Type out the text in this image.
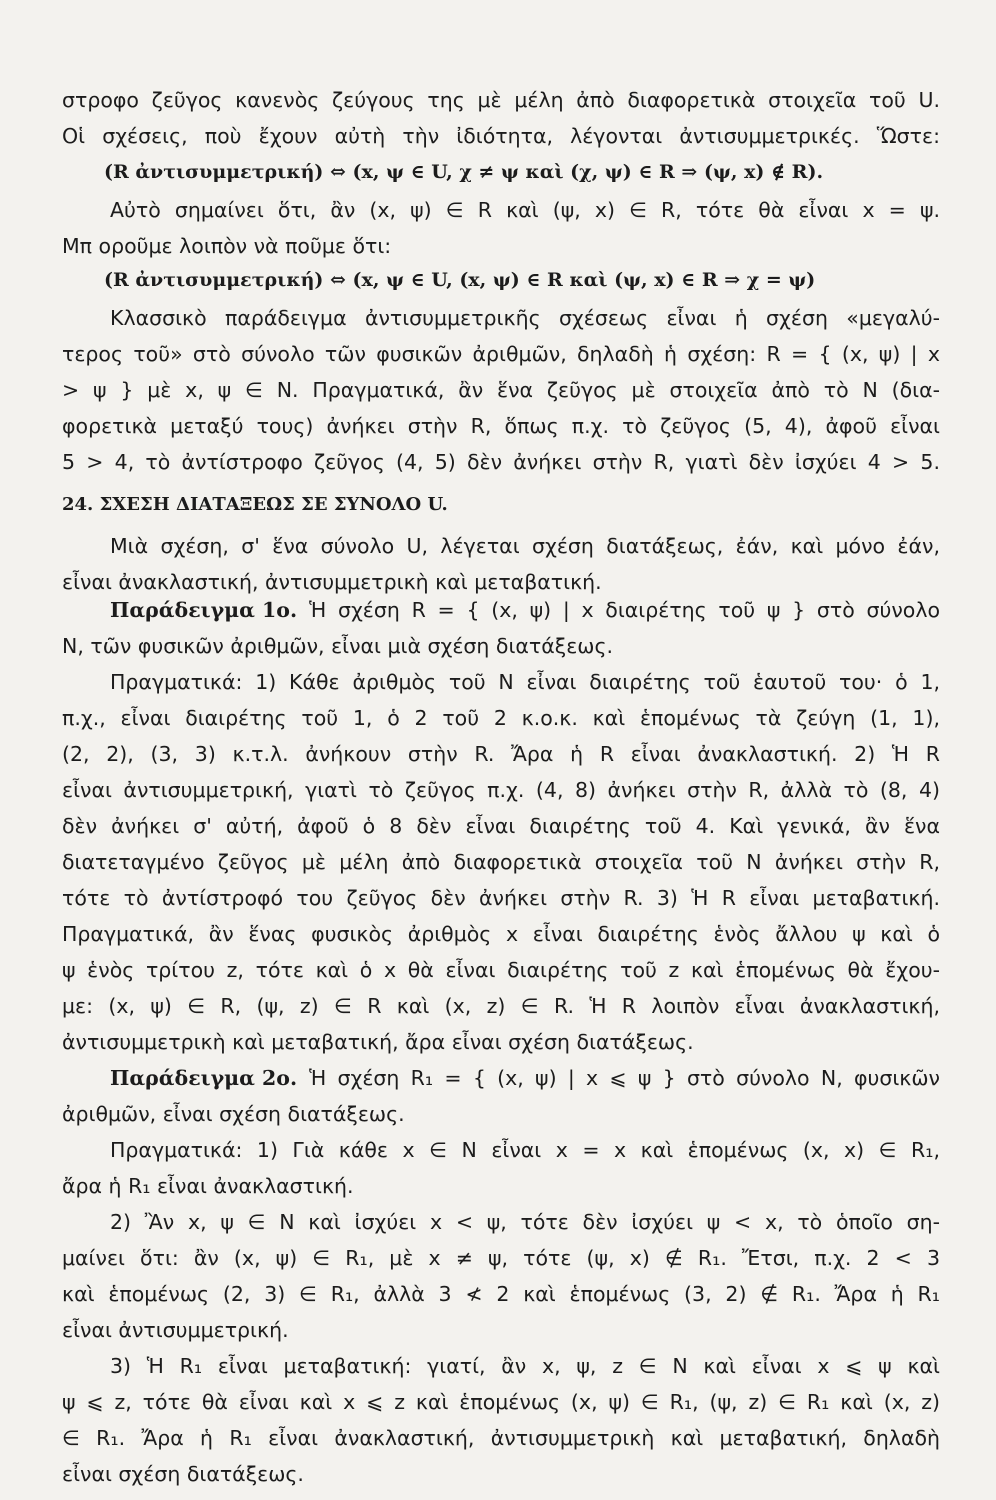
στροφο ζεῦγος κανενὸς ζεύγους της μὲ μέλη ἀπὸ διαφορετικὰ στοιχεῖα τοῦ U.
Οἱ σχέσεις, ποὺ ἔχουν αὐτὴ τὴν ἰδιότητα, λέγονται ἀντισυμμετρικές. Ὥστε:
(R ἀντισυμμετρική) ⇔ (x, ψ ∈ U, χ ≠ ψ καὶ (χ, ψ) ∈ R ⇒ (ψ, x) ∉ R).
Αὐτὸ σημαίνει ὅτι, ἂν (x, ψ) ∈ R καὶ (ψ, x) ∈ R, τότε θὰ εἶναι x = ψ.
Μπ οροῦμε λοιπὸν νὰ ποῦμε ὅτι:
(R ἀντισυμμετρική) ⇔ (x, ψ ∈ U, (x, ψ) ∈ R καὶ (ψ, x) ∈ R ⇒ χ = ψ)
Κλασσικὸ παράδειγμα ἀντισυμμετρικῆς σχέσεως εἶναι ἡ σχέση «μεγαλύ-
τερος τοῦ» στὸ σύνολο τῶν φυσικῶν ἀριθμῶν, δηλαδὴ ἡ σχέση: R = { (x, ψ) | x
> ψ } μὲ x, ψ ∈ N. Πραγματικά, ἂν ἕνα ζεῦγος μὲ στοιχεῖα ἀπὸ τὸ N (δια-
φορετικὰ μεταξύ τους) ἀνήκει στὴν R, ὅπως π.χ. τὸ ζεῦγος (5, 4), ἀφοῦ εἶναι
5 > 4, τὸ ἀντίστροφο ζεῦγος (4, 5) δὲν ἀνήκει στὴν R, γιατὶ δὲν ἰσχύει 4 > 5.
24. ΣΧΕΣΗ ΔΙΑΤΑΞΕΩΣ ΣΕ ΣΥΝΟΛΟ U.
Μιὰ σχέση, σ' ἕνα σύνολο U, λέγεται σχέση διατάξεως, ἐάν, καὶ μόνο ἐάν,
εἶναι ἀνακλαστική, ἀντισυμμετρικὴ καὶ μεταβατική.
Παράδειγμα 1ο. Ἡ σχέση R = { (x, ψ) | x διαιρέτης τοῦ ψ } στὸ σύνολο
N, τῶν φυσικῶν ἀριθμῶν, εἶναι μιὰ σχέση διατάξεως.
Πραγματικά: 1) Κάθε ἀριθμὸς τοῦ N εἶναι διαιρέτης τοῦ ἑαυτοῦ του· ὁ 1,
π.χ., εἶναι διαιρέτης τοῦ 1, ὁ 2 τοῦ 2 κ.ο.κ. καὶ ἑπομένως τὰ ζεύγη (1, 1),
(2, 2), (3, 3) κ.τ.λ. ἀνήκουν στὴν R. Ἄρα ἡ R εἶναι ἀνακλαστική. 2) Ἡ R
εἶναι ἀντισυμμετρική, γιατὶ τὸ ζεῦγος π.χ. (4, 8) ἀνήκει στὴν R, ἀλλὰ τὸ (8, 4)
δὲν ἀνήκει σ' αὐτή, ἀφοῦ ὁ 8 δὲν εἶναι διαιρέτης τοῦ 4. Καὶ γενικά, ἂν ἕνα
διατεταγμένο ζεῦγος μὲ μέλη ἀπὸ διαφορετικὰ στοιχεῖα τοῦ N ἀνήκει στὴν R,
τότε τὸ ἀντίστροφό του ζεῦγος δὲν ἀνήκει στὴν R. 3) Ἡ R εἶναι μεταβατική.
Πραγματικά, ἂν ἕνας φυσικὸς ἀριθμὸς x εἶναι διαιρέτης ἑνὸς ἄλλου ψ καὶ ὁ
ψ ἑνὸς τρίτου z, τότε καὶ ὁ x θὰ εἶναι διαιρέτης τοῦ z καὶ ἑπομένως θὰ ἔχου-
με: (x, ψ) ∈ R, (ψ, z) ∈ R καὶ (x, z) ∈ R. Ἡ R λοιπὸν εἶναι ἀνακλαστική,
ἀντισυμμετρικὴ καὶ μεταβατική, ἄρα εἶναι σχέση διατάξεως.
Παράδειγμα 2ο. Ἡ σχέση R₁ = { (x, ψ) | x ⩽ ψ } στὸ σύνολο N, φυσικῶν
ἀριθμῶν, εἶναι σχέση διατάξεως.
Πραγματικά: 1) Γιὰ κάθε x ∈ N εἶναι x = x καὶ ἑπομένως (x, x) ∈ R₁,
ἄρα ἡ R₁ εἶναι ἀνακλαστική.
2) Ἂν x, ψ ∈ N καὶ ἰσχύει x < ψ, τότε δὲν ἰσχύει ψ < x, τὸ ὁποῖο ση-
μαίνει ὅτι: ἂν (x, ψ) ∈ R₁, μὲ x ≠ ψ, τότε (ψ, x) ∉ R₁. Ἔτσι, π.χ. 2 < 3
καὶ ἑπομένως (2, 3) ∈ R₁, ἀλλὰ 3 ≮ 2 καὶ ἑπομένως (3, 2) ∉ R₁. Ἄρα ἡ R₁
εἶναι ἀντισυμμετρική.
3) Ἡ R₁ εἶναι μεταβατική: γιατί, ἂν x, ψ, z ∈ N καὶ εἶναι x ⩽ ψ καὶ
ψ ⩽ z, τότε θὰ εἶναι καὶ x ⩽ z καὶ ἑπομένως (x, ψ) ∈ R₁, (ψ, z) ∈ R₁ καὶ (x, z)
∈ R₁. Ἄρα ἡ R₁ εἶναι ἀνακλαστική, ἀντισυμμετρικὴ καὶ μεταβατική, δηλαδὴ
εἶναι σχέση διατάξεως.
